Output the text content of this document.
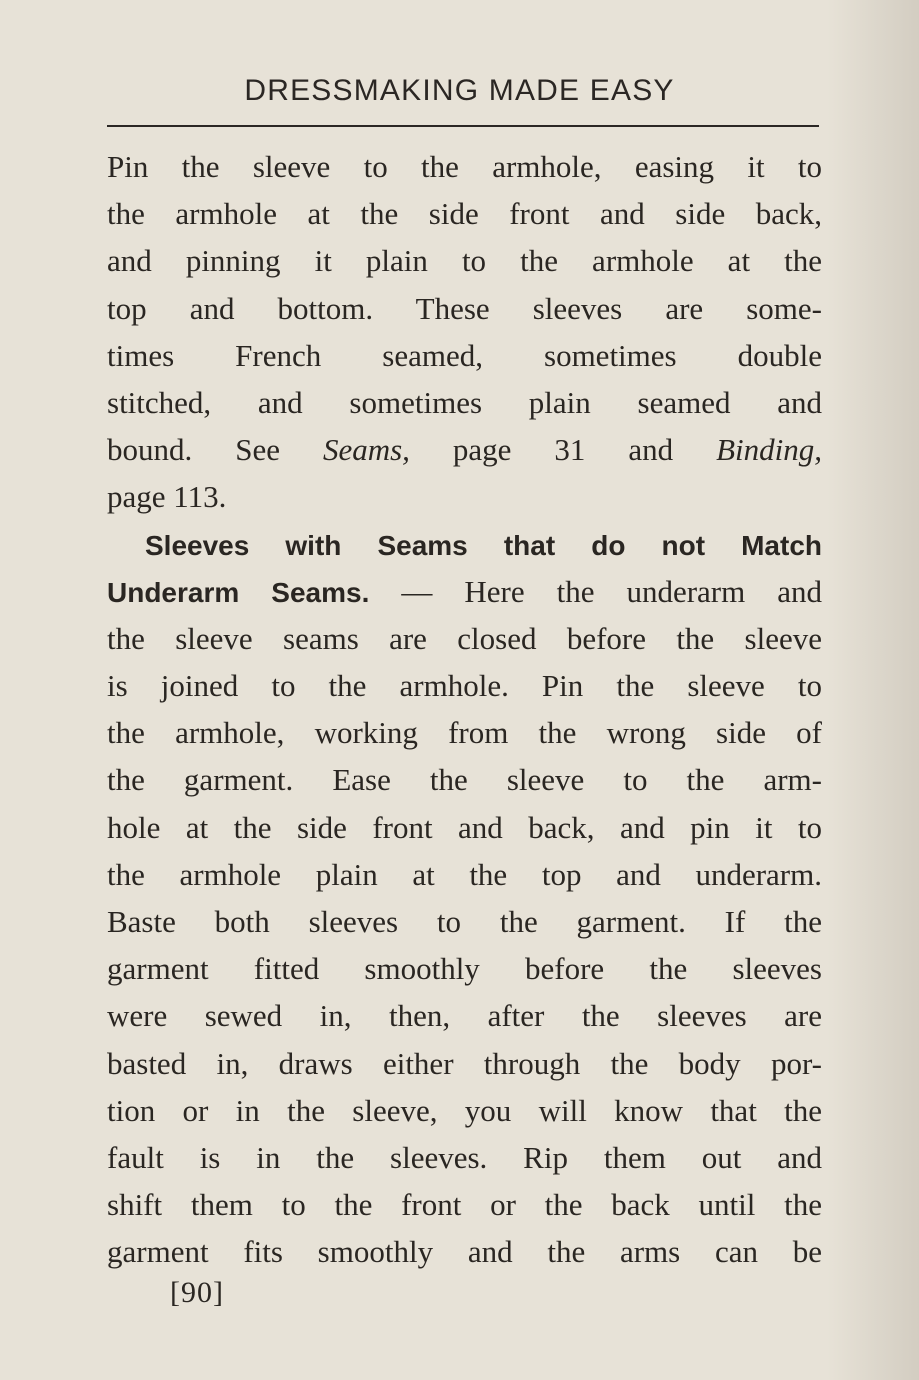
DRESSMAKING MADE EASY
Pin the sleeve to the armhole, easing it to
the armhole at the side front and side back,
and pinning it plain to the armhole at the
top and bottom. These sleeves are some-
times French seamed, sometimes double
stitched, and sometimes plain seamed and
bound. See Seams, page 31 and Binding,
page 113.
Sleeves with Seams that do not Match
Underarm Seams. — Here the underarm and
the sleeve seams are closed before the sleeve
is joined to the armhole. Pin the sleeve to
the armhole, working from the wrong side of
the garment. Ease the sleeve to the arm-
hole at the side front and back, and pin it to
the armhole plain at the top and underarm.
Baste both sleeves to the garment. If the
garment fitted smoothly before the sleeves
were sewed in, then, after the sleeves are
basted in, draws either through the body por-
tion or in the sleeve, you will know that the
fault is in the sleeves. Rip them out and
shift them to the front or the back until the
garment fits smoothly and the arms can be
[90]
